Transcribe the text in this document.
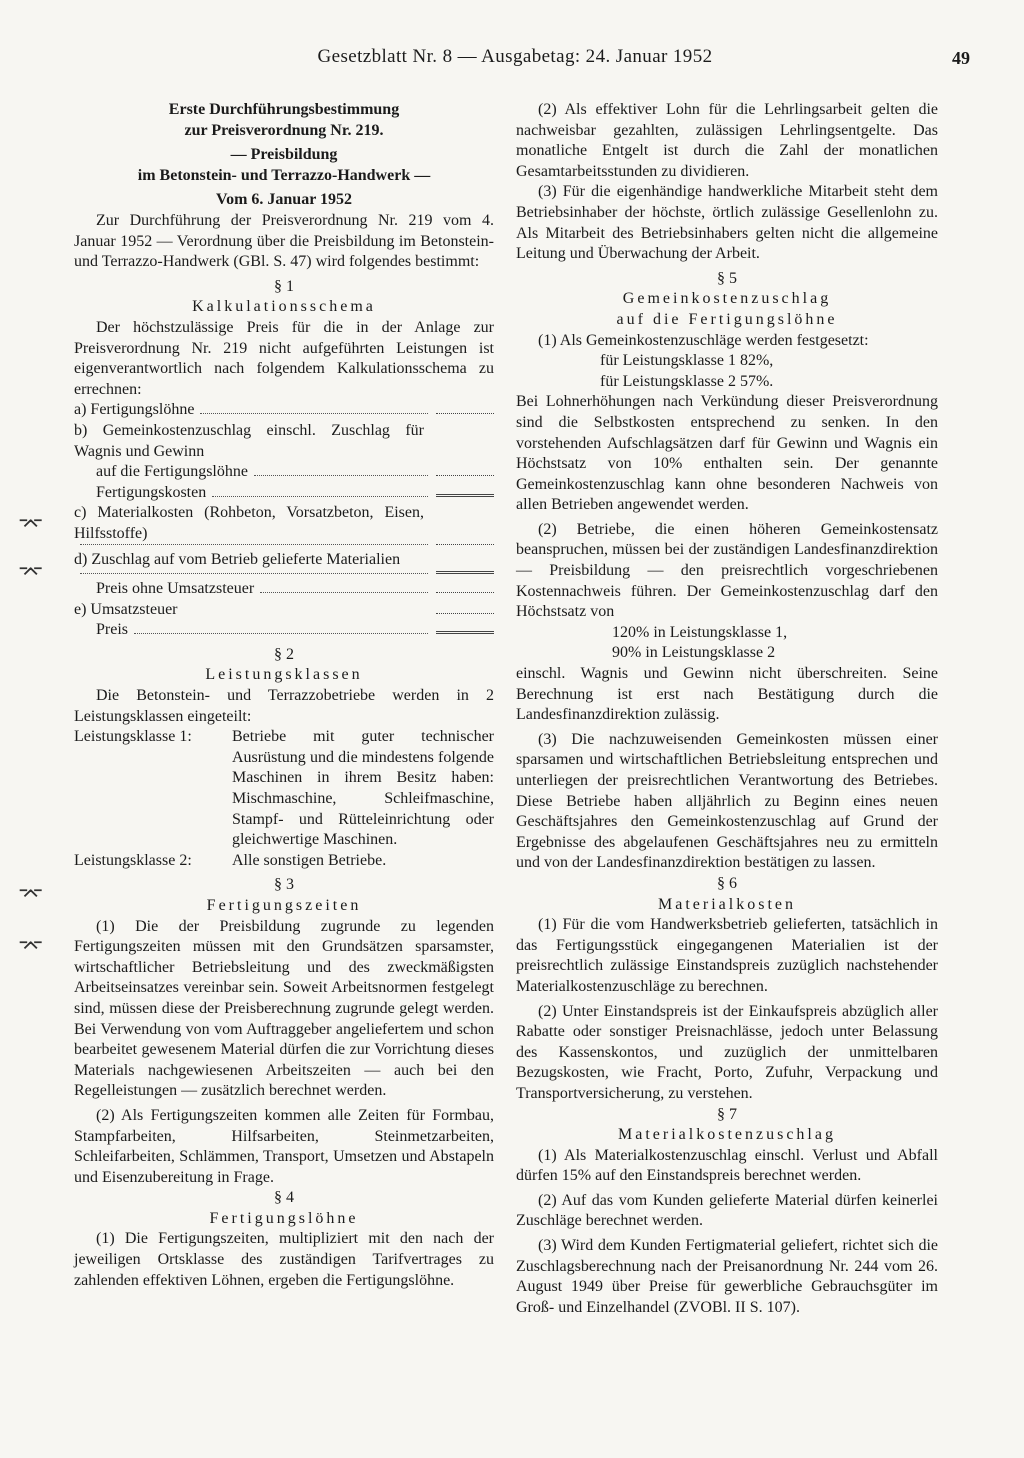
Gesetzblatt Nr. 8 — Ausgabetag: 24. Januar 1952	49
⌤
⌤
⌤
⌤

Erste Durchführungsbestimmung

zur Preisverordnung Nr. 219.

— Preisbildung

im Betonstein- und Terrazzo-Handwerk —

Vom 6. Januar 1952

Zur Durchführung der Preisverordnung Nr. 219 vom 4. Januar 1952 — Verordnung über die Preisbildung im Betonstein- und Terrazzo-Handwerk (GBl. S. 47) wird folgendes bestimmt:

§ 1

Kalkulationsschema

Der höchstzulässige Preis für die in der Anlage zur Preisverordnung Nr. 219 nicht aufgeführten Leistungen ist eigenverantwortlich nach folgendem Kalkulationsschema zu errechnen:

a) Fertigungslöhne

b) Gemeinkostenzuschlag einschl. Zuschlag für Wagnis und Gewinn

auf die Fertigungslöhne
Fertigungskosten

c) Materialkosten (Rohbeton, Vorsatzbeton, Eisen, Hilfsstoffe)

d) Zuschlag auf vom Betrieb gelieferte Materialien

Preis ohne Umsatzsteuer
e) Umsatzsteuer
Preis

§ 2

Leistungsklassen

Die Betonstein- und Terrazzobetriebe werden in 2 Leistungsklassen eingeteilt:

Leistungsklasse 1:	Betriebe mit guter technischer Ausrüstung und die mindestens folgende Maschinen in ihrem Besitz haben: Mischmaschine, Schleifmaschine, Stampf- und Rütteleinrichtung oder gleichwertige Maschinen.
Leistungsklasse 2:	Alle sonstigen Betriebe.

§ 3

Fertigungszeiten

(1) Die der Preisbildung zugrunde zu legenden Fertigungszeiten müssen mit den Grundsätzen sparsamster, wirtschaftlicher Betriebsleitung und des zweckmäßigsten Arbeitseinsatzes vereinbar sein. Soweit Arbeitsnormen festgelegt sind, müssen diese der Preisberechnung zugrunde gelegt werden. Bei Verwendung von vom Auftraggeber angeliefertem und schon bearbeitet gewesenem Material dürfen die zur Vorrichtung dieses Materials nachgewiesenen Arbeitszeiten — auch bei den Regelleistungen — zusätzlich berechnet werden.

(2) Als Fertigungszeiten kommen alle Zeiten für Formbau, Stampfarbeiten, Hilfsarbeiten, Steinmetzarbeiten, Schleifarbeiten, Schlämmen, Transport, Umsetzen und Abstapeln und Eisenzubereitung in Frage.

§ 4

Fertigungslöhne

(1) Die Fertigungszeiten, multipliziert mit den nach der jeweiligen Ortsklasse des zuständigen Tarifvertrages zu zahlenden effektiven Löhnen, ergeben die Fertigungslöhne.

(2) Als effektiver Lohn für die Lehrlingsarbeit gelten die nachweisbar gezahlten, zulässigen Lehrlingsentgelte. Das monatliche Entgelt ist durch die Zahl der monatlichen Gesamtarbeitsstunden zu dividieren.

(3) Für die eigenhändige handwerkliche Mitarbeit steht dem Betriebsinhaber der höchste, örtlich zulässige Gesellenlohn zu. Als Mitarbeit des Betriebsinhabers gelten nicht die allgemeine Leitung und Überwachung der Arbeit.

§ 5

Gemeinkostenzuschlag

auf die Fertigungslöhne

(1) Als Gemeinkostenzuschläge werden festgesetzt:

für Leistungsklasse 1 82%,

für Leistungsklasse 2 57%.

Bei Lohnerhöhungen nach Verkündung dieser Preisverordnung sind die Selbstkosten entsprechend zu senken. In den vorstehenden Aufschlagsätzen darf für Gewinn und Wagnis ein Höchstsatz von 10% enthalten sein. Der genannte Gemeinkostenzuschlag kann ohne besonderen Nachweis von allen Betrieben angewendet werden.

(2) Betriebe, die einen höheren Gemeinkostensatz beanspruchen, müssen bei der zuständigen Landesfinanzdirektion — Preisbildung — den preisrechtlich vorgeschriebenen Kostennachweis führen. Der Gemeinkostenzuschlag darf den Höchstsatz von

120% in Leistungsklasse 1,

90% in Leistungsklasse 2

einschl. Wagnis und Gewinn nicht überschreiten. Seine Berechnung ist erst nach Bestätigung durch die Landesfinanzdirektion zulässig.

(3) Die nachzuweisenden Gemeinkosten müssen einer sparsamen und wirtschaftlichen Betriebsleitung entsprechen und unterliegen der preisrechtlichen Verantwortung des Betriebes. Diese Betriebe haben alljährlich zu Beginn eines neuen Geschäftsjahres den Gemeinkostenzuschlag auf Grund der Ergebnisse des abgelaufenen Geschäftsjahres neu zu ermitteln und von der Landesfinanzdirektion bestätigen zu lassen.

§ 6

Materialkosten

(1) Für die vom Handwerksbetrieb gelieferten, tatsächlich in das Fertigungsstück eingegangenen Materialien ist der preisrechtlich zulässige Einstandspreis zuzüglich nachstehender Materialkostenzuschläge zu berechnen.

(2) Unter Einstandspreis ist der Einkaufspreis abzüglich aller Rabatte oder sonstiger Preisnachlässe, jedoch unter Belassung des Kassenskontos, und zuzüglich der unmittelbaren Bezugskosten, wie Fracht, Porto, Zufuhr, Verpackung und Transportversicherung, zu verstehen.

§ 7

Materialkostenzuschlag

(1) Als Materialkostenzuschlag einschl. Verlust und Abfall dürfen 15% auf den Einstandspreis berechnet werden.

(2) Auf das vom Kunden gelieferte Material dürfen keinerlei Zuschläge berechnet werden.

(3) Wird dem Kunden Fertigmaterial geliefert, richtet sich die Zuschlagsberechnung nach der Preisanordnung Nr. 244 vom 26. August 1949 über Preise für gewerbliche Gebrauchsgüter im Groß- und Einzelhandel (ZVOBl. II S. 107).
